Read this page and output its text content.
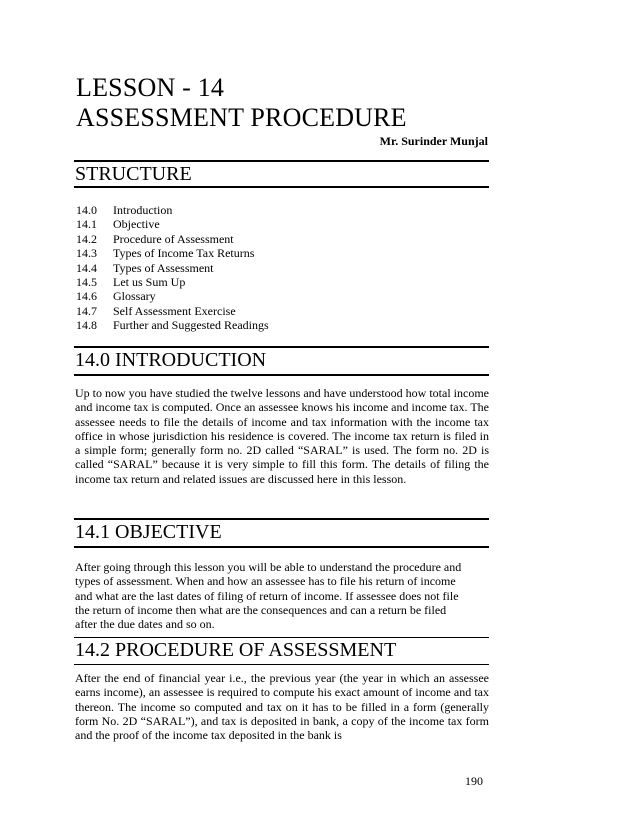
LESSON - 14
ASSESSMENT PROCEDURE
Mr. Surinder Munjal
STRUCTURE
14.0	Introduction
14.1	Objective
14.2	Procedure of Assessment
14.3	Types of Income Tax Returns
14.4	Types of Assessment
14.5	Let us Sum Up
14.6	Glossary
14.7	Self Assessment Exercise
14.8	Further and Suggested Readings
14.0 INTRODUCTION

Up to now you have studied the twelve lessons and have understood how total income and income tax is computed. Once an assessee knows his income and income tax. The assessee needs to file the details of income and tax information with the income tax office in whose jurisdiction his residence is covered. The income tax return is filed in a simple form; generally form no. 2D called “SARAL” is used. The form no. 2D is called “SARAL” because it is very simple to fill this form. The details of filing the income tax return and related issues are discussed here in this lesson.

14.1 OBJECTIVE

After going through this lesson you will be able to understand the procedure and
types of assessment. When and how an assessee has to file his return of income
and what are the last dates of filing of return of income. If assessee does not file
the return of income then what are the consequences and can a return be filed
after the due dates and so on.

14.2 PROCEDURE OF ASSESSMENT

After the end of financial year i.e., the previous year (the year in which an assessee earns income), an assessee is required to compute his exact amount of income and tax thereon. The income so computed and tax on it has to be filled in a form (generally form No. 2D “SARAL”), and tax is deposited in bank, a copy of the income tax form and the proof of the income tax deposited in the bank is

190
